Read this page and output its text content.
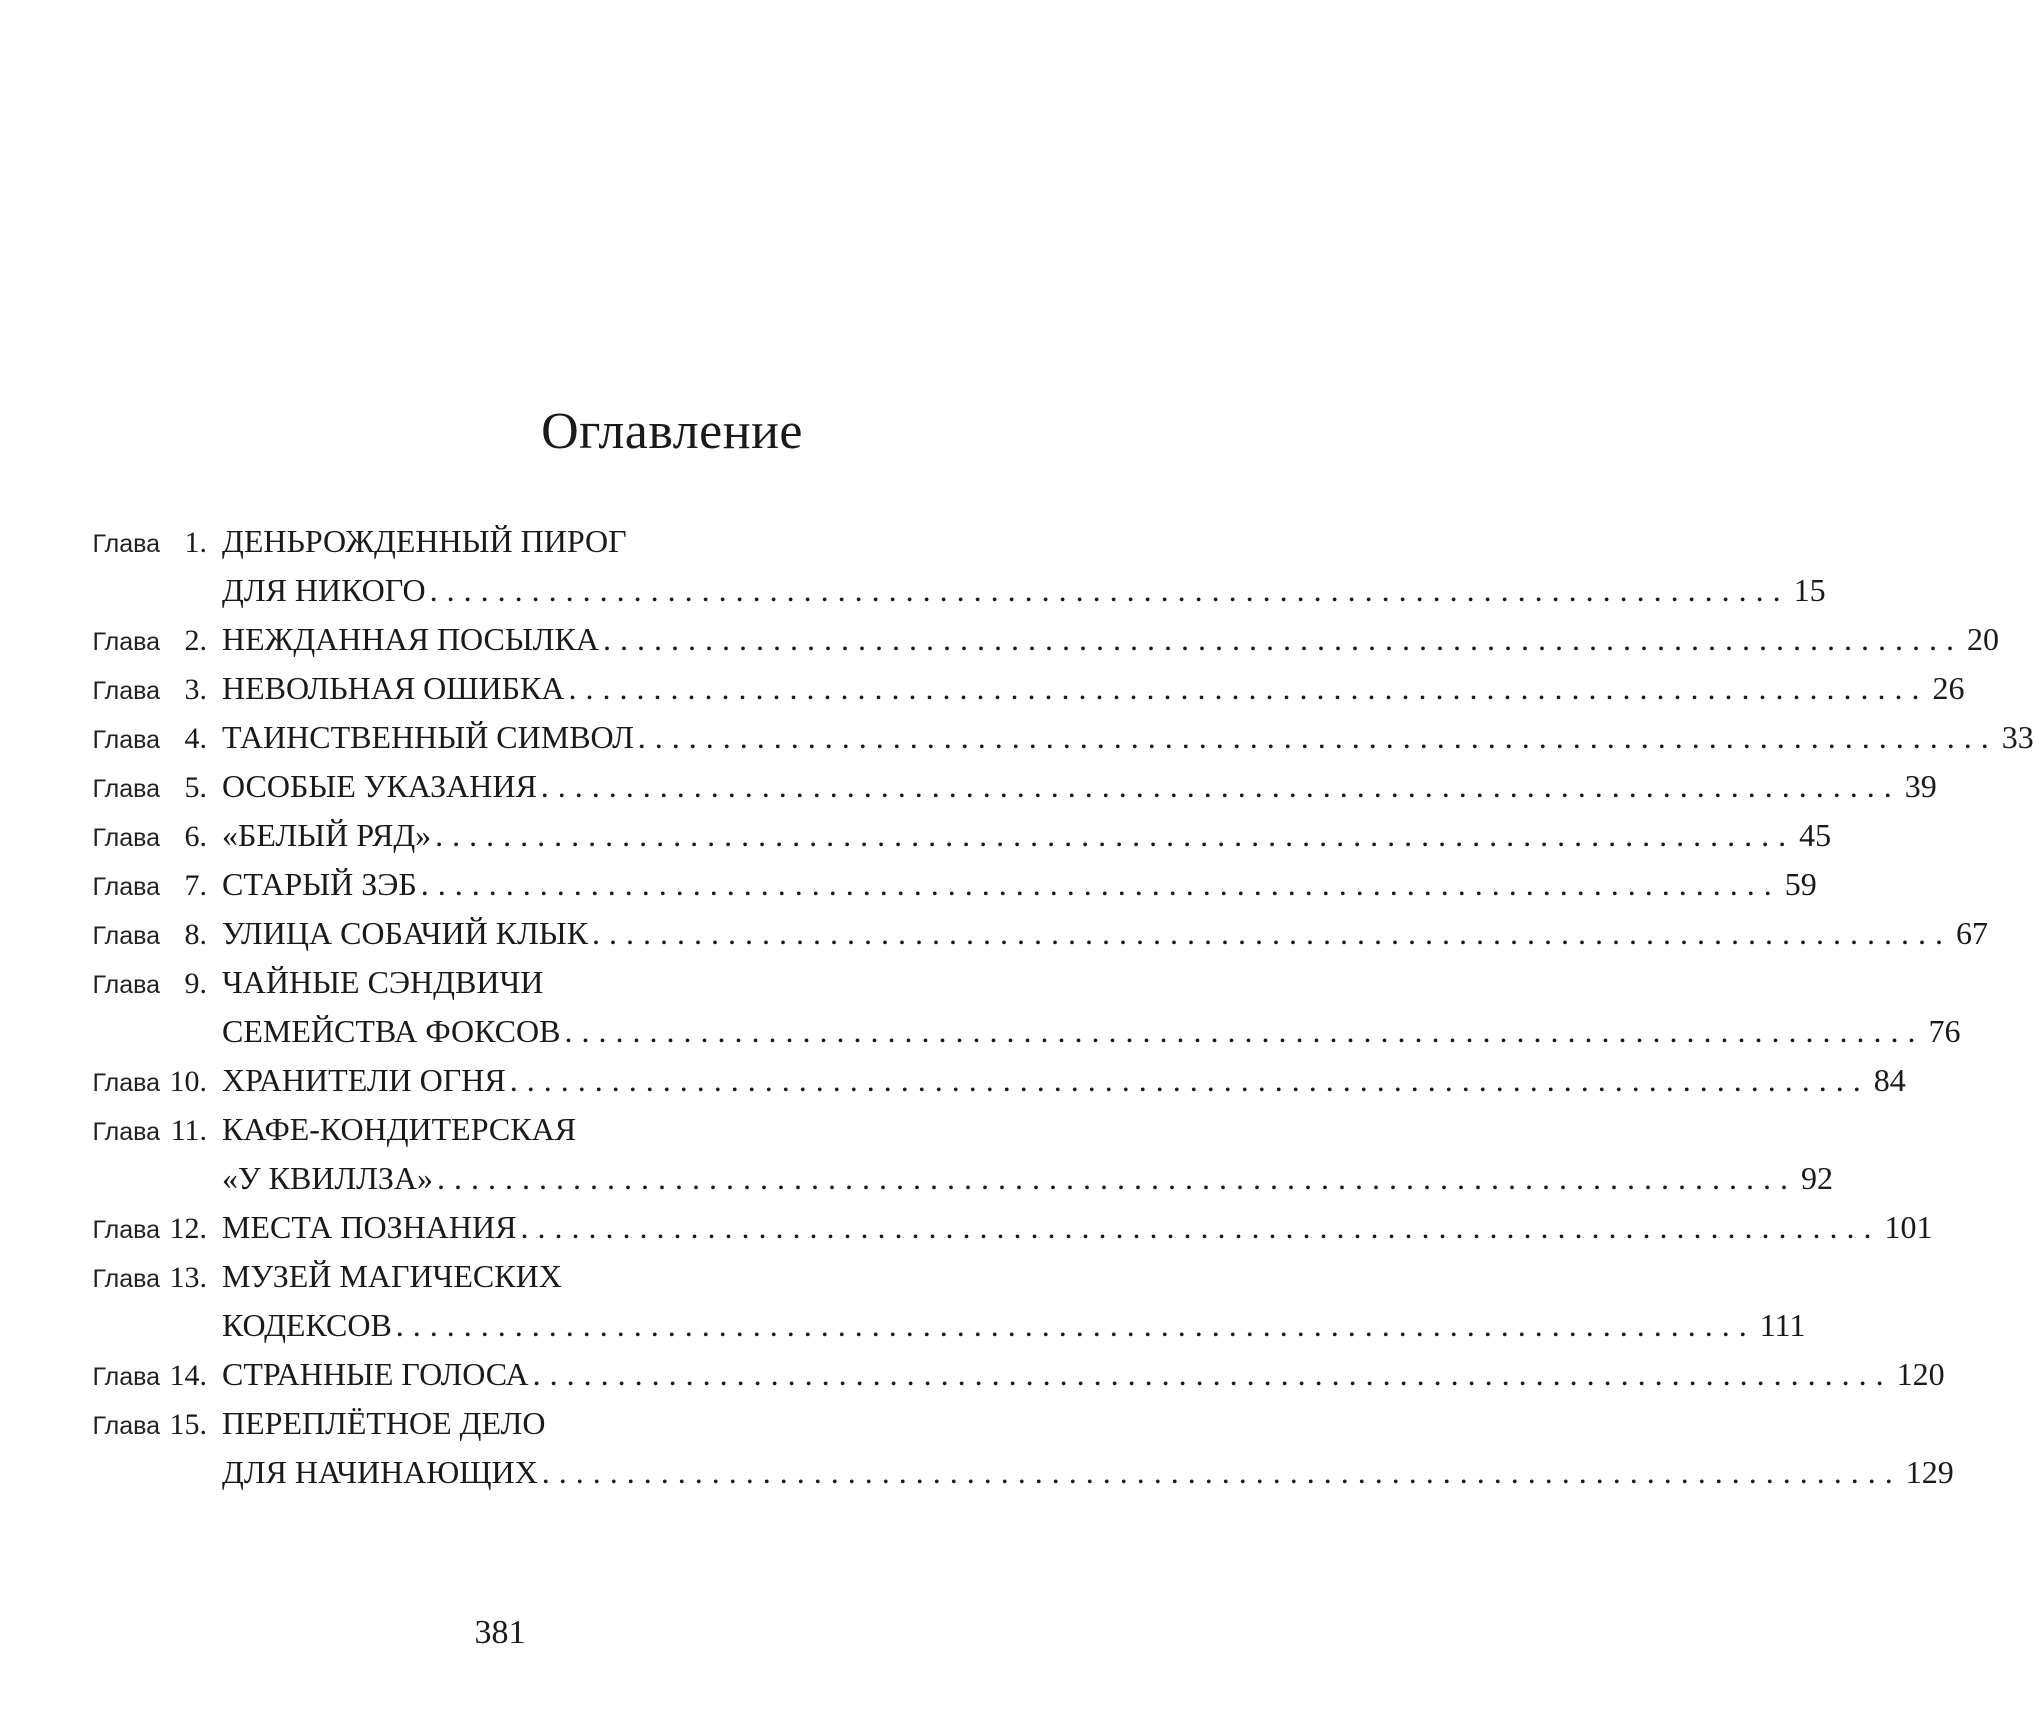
Оглавление
Глава 1. ДЕНЬРОЖДЕННЫЙ ПИРОГ
ДЛЯ НИКОГО ................................................................................ 15
Глава 2. НЕЖДАННАЯ ПОСЫЛКА ................................................................................ 20
Глава 3. НЕВОЛЬНАЯ ОШИБКА ................................................................................ 26
Глава 4. ТАИНСТВЕННЫЙ СИМВОЛ ................................................................................ 33
Глава 5. ОСОБЫЕ УКАЗАНИЯ ................................................................................ 39
Глава 6. «БЕЛЫЙ РЯД» ................................................................................ 45
Глава 7. СТАРЫЙ ЗЭБ ................................................................................ 59
Глава 8. УЛИЦА СОБАЧИЙ КЛЫК ................................................................................ 67
Глава 9. ЧАЙНЫЕ СЭНДВИЧИ
СЕМЕЙСТВА ФОКСОВ ................................................................................ 76
Глава 10. ХРАНИТЕЛИ ОГНЯ ................................................................................ 84
Глава 11. КАФЕ-КОНДИТЕРСКАЯ
«У КВИЛЛЗА» ................................................................................ 92
Глава 12. МЕСТА ПОЗНАНИЯ ................................................................................ 101
Глава 13. МУЗЕЙ МАГИЧЕСКИХ
КОДЕКСОВ ................................................................................ 111
Глава 14. СТРАННЫЕ ГОЛОСА ................................................................................ 120
Глава 15. ПЕРЕПЛЁТНОЕ ДЕЛО
ДЛЯ НАЧИНАЮЩИХ ................................................................................ 129
381
